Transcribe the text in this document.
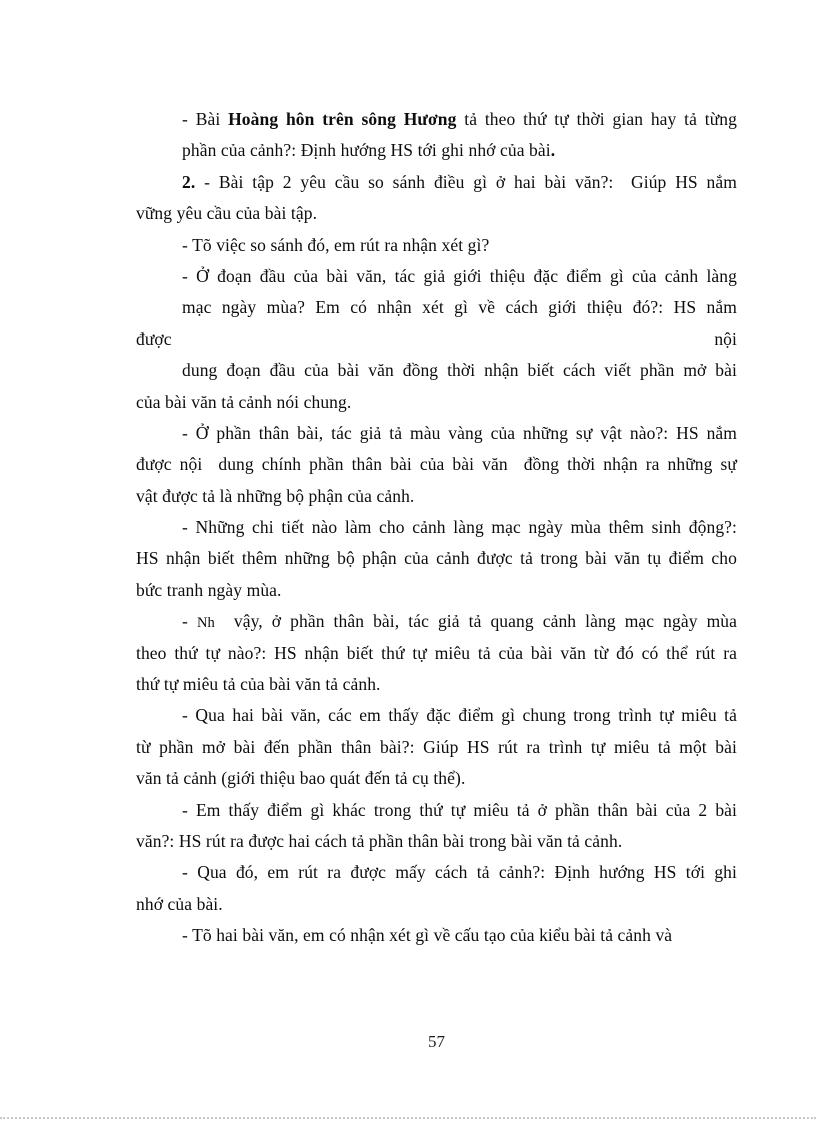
- Bài Hoàng hôn trên sông Hương tả theo thứ tự thời gian hay tả từng
phần của cảnh?: Định hướng HS tới ghi nhớ của bài.
2. - Bài tập 2 yêu cầu so sánh điều gì ở hai bài văn?:  Giúp HS nắm
vững yêu cầu của bài tập.
- Tõ việc so sánh đó, em rút ra nhận xét gì?
- Ở đoạn đầu của bài văn, tác giả giới thiệu đặc điểm gì của cảnh làng
mạc ngày mùa? Em có nhận xét gì về cách giới thiệu đó?: HS nắm
được	nội
dung đoạn đầu của bài văn đồng thời nhận biết cách viết phần mở bài
của bài văn tả cảnh nói chung.
- Ở phần thân bài, tác giả tả màu vàng của những sự vật nào?: HS nắm
được nội  dung chính phần thân bài của bài văn  đồng thời nhận ra những sự
vật được tả là những bộ phận của cảnh.
- Những chi tiết nào làm cho cảnh làng mạc ngày mùa thêm sinh động?:
HS nhận biết thêm những bộ phận của cảnh được tả trong bài văn tụ điểm cho
bức tranh ngày mùa.
- Nh vậy, ở phần thân bài, tác giả tả quang cảnh làng mạc ngày mùa
theo thứ tự nào?: HS nhận biết thứ tự miêu tả của bài văn từ đó có thể rút ra
thứ tự miêu tả của bài văn tả cảnh.
- Qua hai bài văn, các em thấy đặc điểm gì chung trong trình tự miêu tả
từ phần mở bài đến phần thân bài?: Giúp HS rút ra trình tự miêu tả một bài
văn tả cảnh (giới thiệu bao quát đến tả cụ thể).
- Em thấy điểm gì khác trong thứ tự miêu tả ở phần thân bài của 2 bài
văn?: HS rút ra được hai cách tả phần thân bài trong bài văn tả cảnh.
- Qua đó, em rút ra được mấy cách tả cảnh?: Định hướng HS tới ghi
nhớ của bài.
- Tõ hai bài văn, em có nhận xét gì về cấu tạo của kiểu bài tả cảnh và
57
